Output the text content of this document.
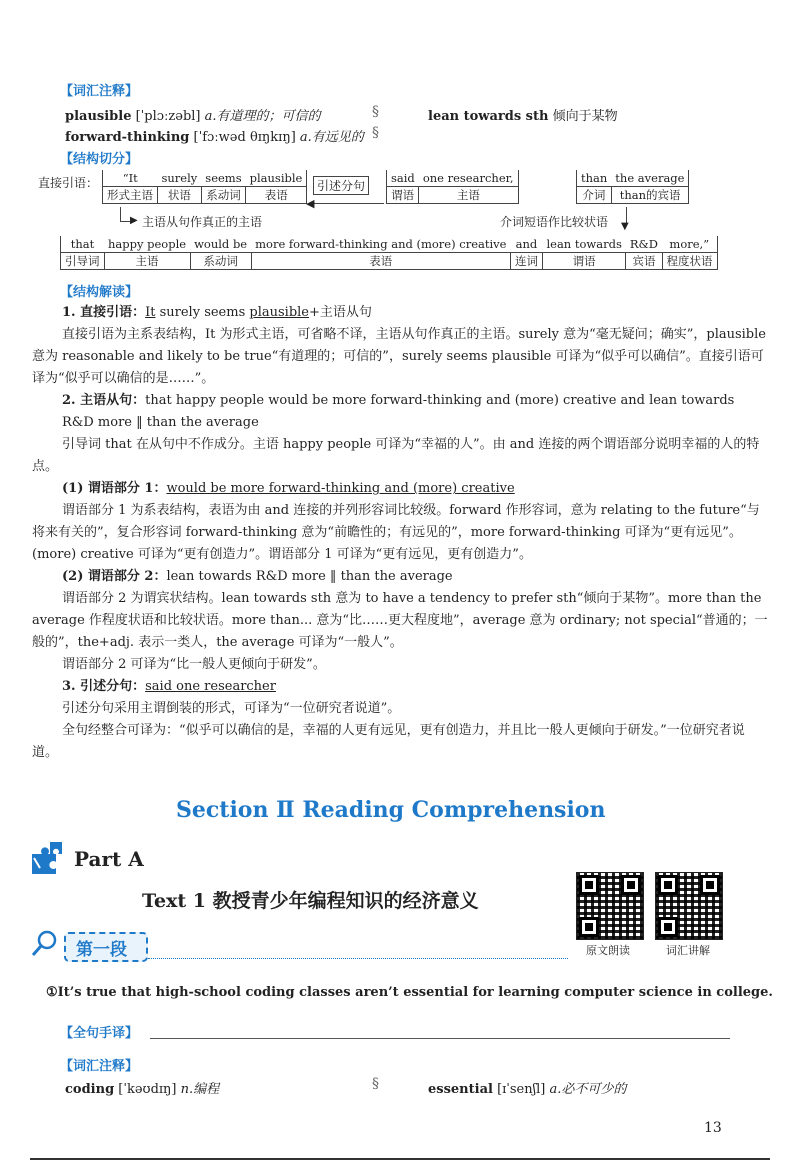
【词汇注释】
plausible [ˈplɔːzəbl] a.有道理的；可信的	§	lean towards sth 倾向于某物
forward-thinking [ˈfɔːwəd θɪŋkɪŋ] a.有远见的 §
【结构切分】
直接引语： “It	surely	seems	plausible
形式主语	状语	系动词	表语
引述分句
◀
said	one researcher,
谓语	主语
than	the average
介词	than的宾语
▶ 主语从句作真正的主语	介词短语作比较状语 ▼
that	happy people	would be	more forward-thinking and (more) creative	and	lean towards	R&D	more,”
引导词	主语	系动词	表语	连词	谓语	宾语	程度状语
【结构解读】

1. 直接引语：It surely seems plausible+主语从句

直接引语为主系表结构，It 为形式主语，可省略不译，主语从句作真正的主语。surely 意为“毫无疑问；确实”，plausible 意为 reasonable and likely to be true“有道理的；可信的”，surely seems plausible 可译为“似乎可以确信”。直接引语可译为“似乎可以确信的是……”。

2. 主语从句：that happy people would be more forward-thinking and (more) creative and lean towards R&D more ‖ than the average

引导词 that 在从句中不作成分。主语 happy people 可译为“幸福的人”。由 and 连接的两个谓语部分说明幸福的人的特点。

(1) 谓语部分 1：would be more forward-thinking and (more) creative

谓语部分 1 为系表结构，表语为由 and 连接的并列形容词比较级。forward 作形容词，意为 relating to the future“与将来有关的”，复合形容词 forward-thinking 意为“前瞻性的；有远见的”，more forward-thinking 可译为“更有远见”。(more) creative 可译为“更有创造力”。谓语部分 1 可译为“更有远见，更有创造力”。

(2) 谓语部分 2：lean towards R&D more ‖ than the average

谓语部分 2 为谓宾状结构。lean towards sth 意为 to have a tendency to prefer sth“倾向于某物”。more than the average 作程度状语和比较状语。more than... 意为“比……更大程度地”，average 意为 ordinary; not special“普通的；一般的”，the+adj. 表示一类人，the average 可译为“一般人”。

谓语部分 2 可译为“比一般人更倾向于研发”。

3. 引述分句：said one researcher

引述分句采用主谓倒装的形式，可译为“一位研究者说道”。

全句经整合可译为：“似乎可以确信的是，幸福的人更有远见，更有创造力，并且比一般人更倾向于研发。”一位研究者说道。

Section Ⅱ Reading Comprehension
Part A
Text 1 教授青少年编程知识的经济意义
原文朗读	词汇讲解
第一段
①It’s true that high-school coding classes aren’t essential for learning computer science in college.
【全句手译】
【词汇注释】
coding [ˈkəʊdɪŋ] n.编程	§	essential [ɪˈsenʃl] a.必不可少的
13
